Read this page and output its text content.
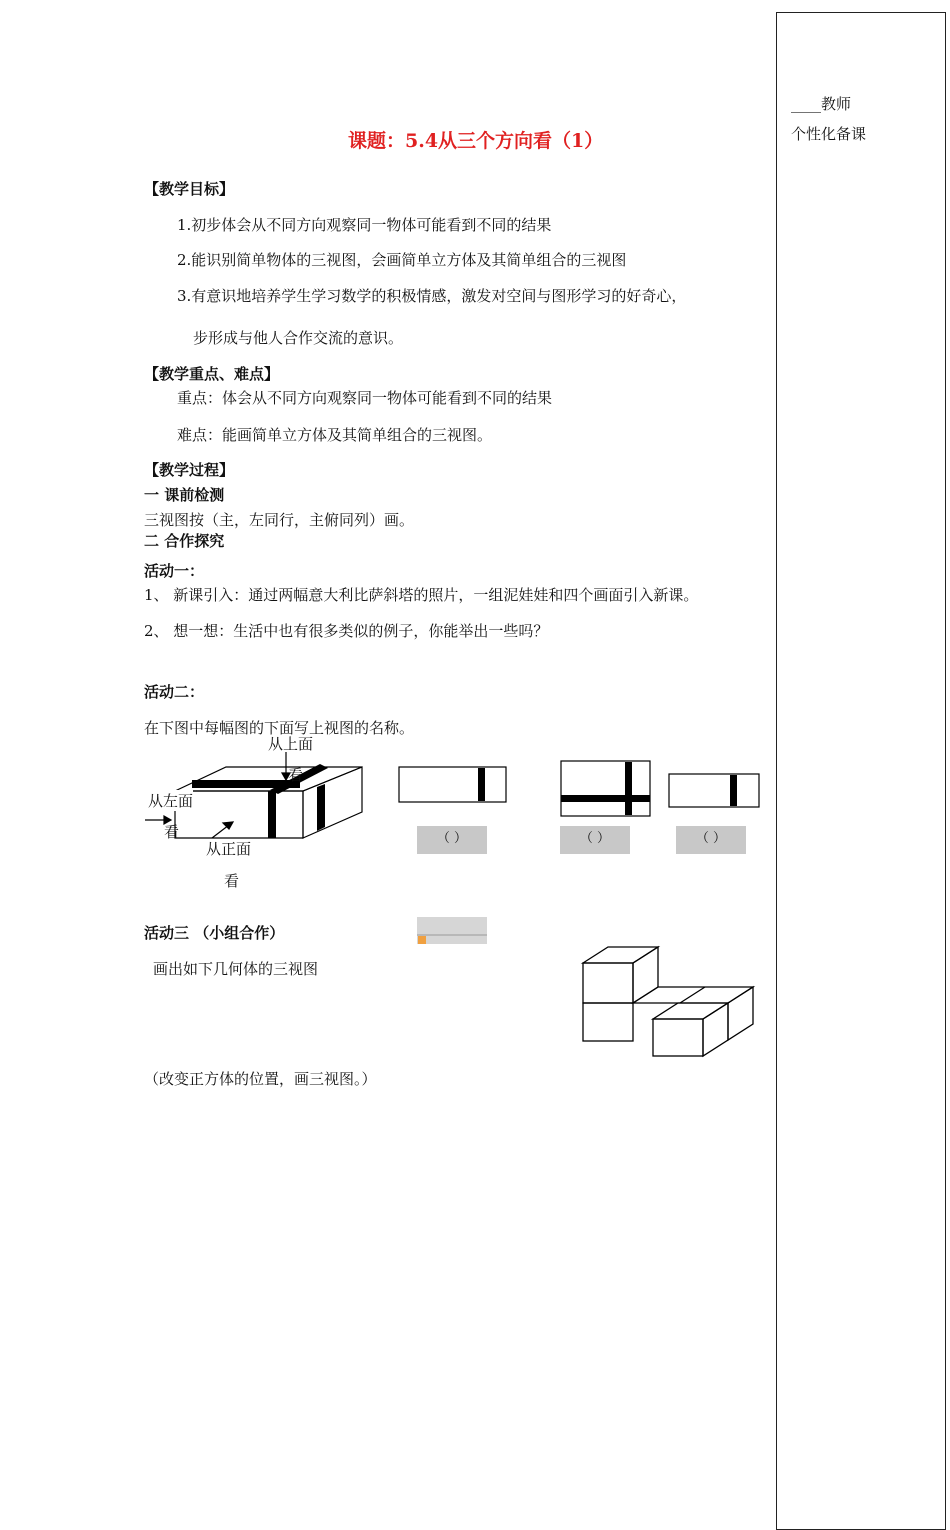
____教师
个性化备课
课题：5.4从三个方向看（1）
【教学目标】
1.初步体会从不同方向观察同一物体可能看到不同的结果
2.能识别简单物体的三视图，会画简单立方体及其简单组合的三视图
3.有意识地培养学生学习数学的积极情感，激发对空间与图形学习的好奇心，
步形成与他人合作交流的意识。
【教学重点、难点】
重点：体会从不同方向观察同一物体可能看到不同的结果
难点：能画简单立方体及其简单组合的三视图。
【教学过程】
一 课前检测
三视图按（主，左同行，主俯同列）画。
二 合作探究
活动一：
1、 新课引入：通过两幅意大利比萨斜塔的照片，一组泥娃娃和四个画面引入新课。
2、 想一想：生活中也有很多类似的例子，你能举出一些吗？
活动二：
在下图中每幅图的下面写上视图的名称。
从上面
看
从左面
看
从正面
看
（ ）	（ ）	（ ）
活动三 （小组合作）
画出如下几何体的三视图
（改变正方体的位置，画三视图。）
